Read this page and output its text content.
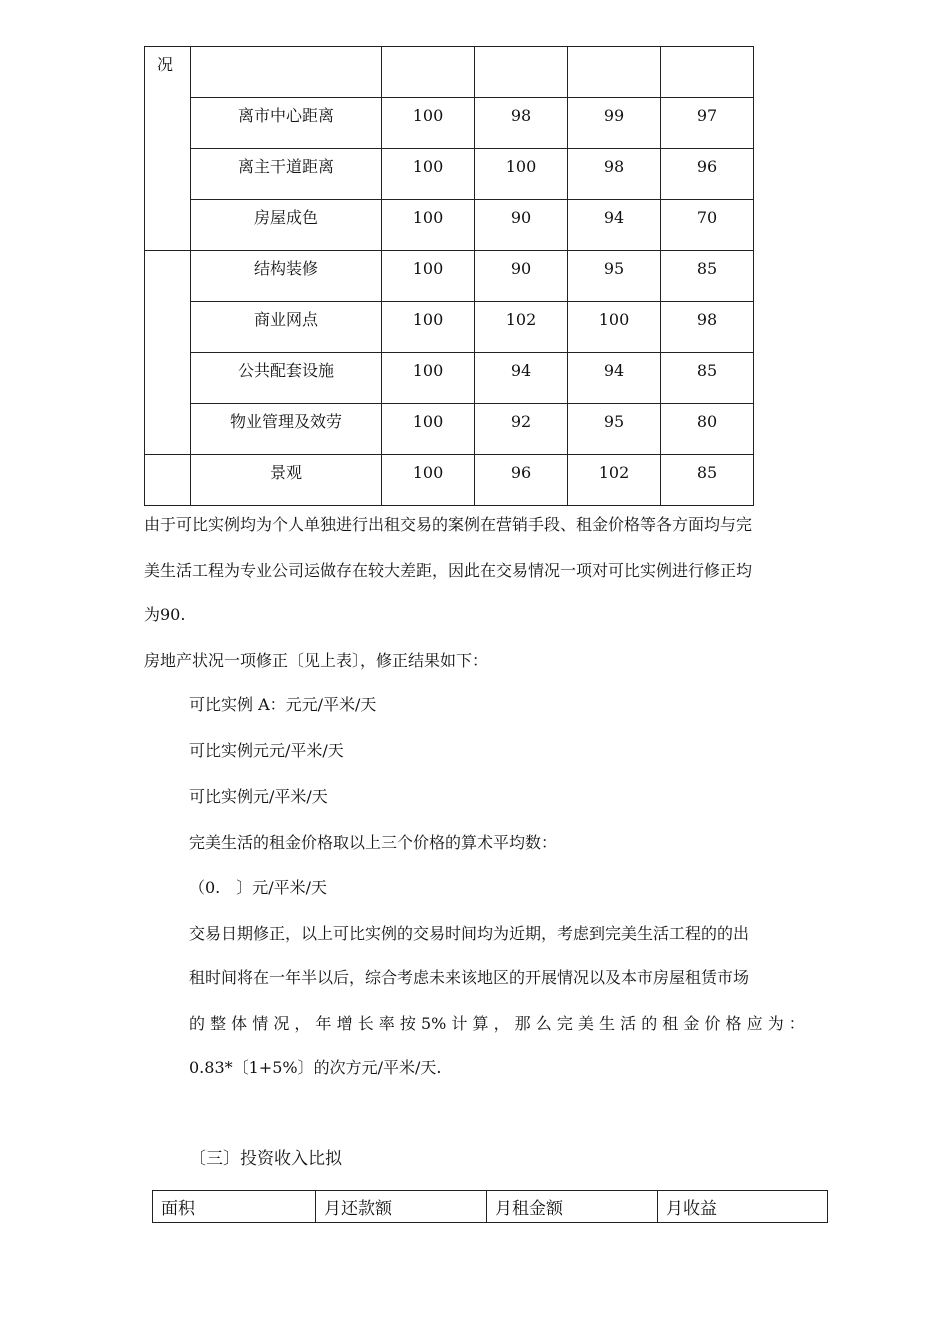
况					

	离市中心距离	100	98	99	97

	离主干道距离	100	100	98	96

	房屋成色	100	90	94	70

	结构装修	100	90	95	85

	商业网点	100	102	100	98

	公共配套设施	100	94	94	85

	物业管理及效劳	100	92	95	80

	景观	100	96	102	85
由于可比实例均为个人单独进行出租交易的案例在营销手段、租金价格等各方面均与完
美生活工程为专业公司运做存在较大差距，因此在交易情况一项对可比实例进行修正均
为90.
房地产状况一项修正〔见上表〕，修正结果如下：
可比实例 A：元元/平米/天
可比实例元元/平米/天
可比实例元/平米/天
完美生活的租金价格取以上三个价格的算术平均数：
（0.　〕元/平米/天
交易日期修正，以上可比实例的交易时间均为近期，考虑到完美生活工程的的出
租时间将在一年半以后，综合考虑未来该地区的开展情况以及本市房屋租赁市场
的 整 体 情 况 ， 年 增 长 率 按 5% 计 算 ， 那 么 完 美 生 活 的 租 金 价 格 应 为 ：
0.83*〔1+5%〕的次方元/平米/天.
〔三〕投资收入比拟
面积	月还款额	月租金额	月收益
